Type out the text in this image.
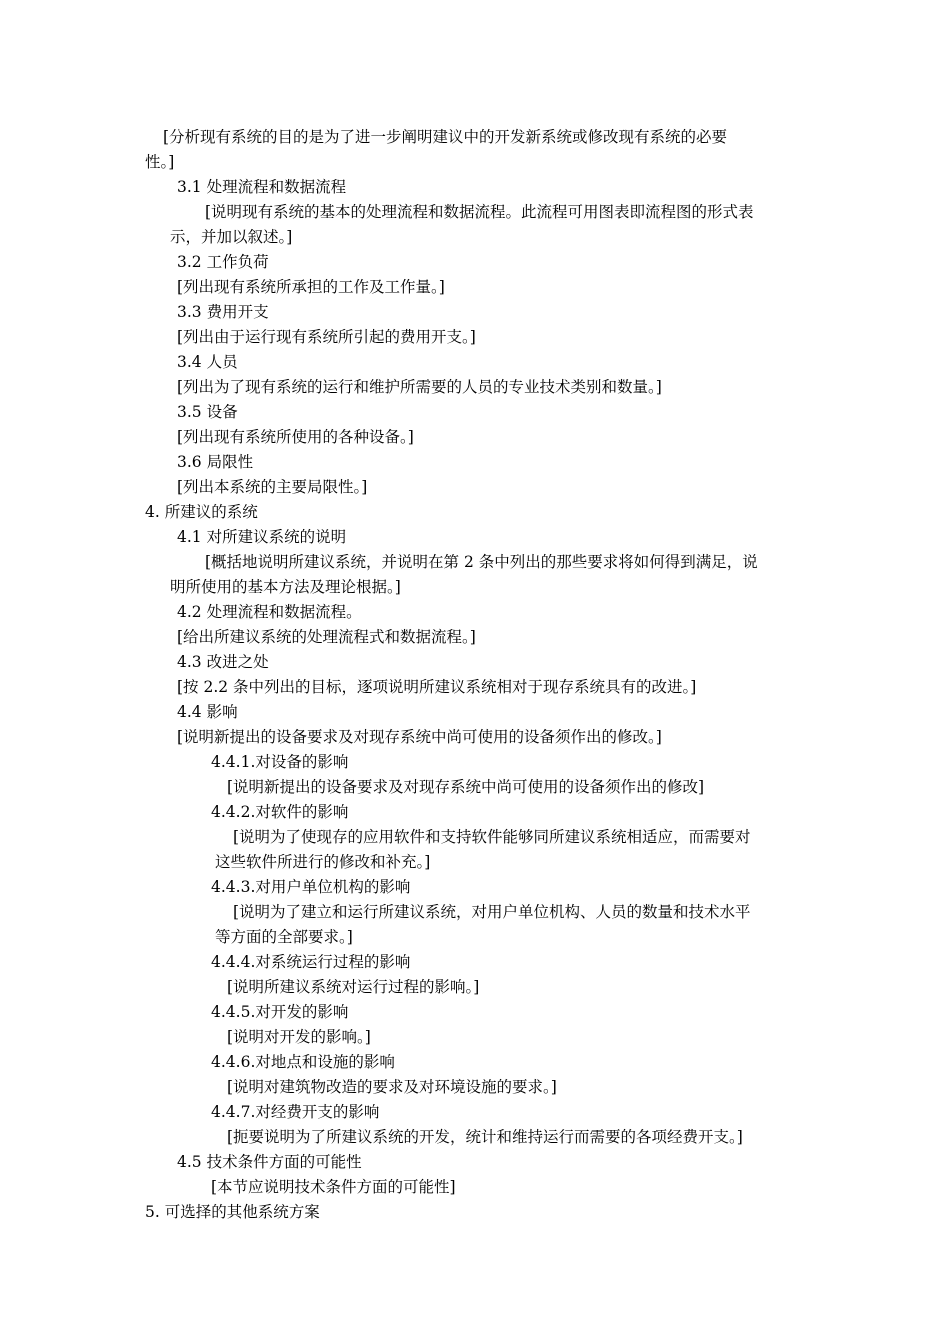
[分析现有系统的目的是为了进一步阐明建议中的开发新系统或修改现有系统的必要
性。]
3.1 处理流程和数据流程
[说明现有系统的基本的处理流程和数据流程。此流程可用图表即流程图的形式表
示，并加以叙述。]
3.2 工作负荷
[列出现有系统所承担的工作及工作量。]
3.3 费用开支
[列出由于运行现有系统所引起的费用开支。]
3.4 人员
[列出为了现有系统的运行和维护所需要的人员的专业技术类别和数量。]
3.5 设备
[列出现有系统所使用的各种设备。]
3.6 局限性
[列出本系统的主要局限性。]
4. 所建议的系统
4.1 对所建议系统的说明
[概括地说明所建议系统，并说明在第 2 条中列出的那些要求将如何得到满足，说
明所使用的基本方法及理论根据。]
4.2 处理流程和数据流程。
[给出所建议系统的处理流程式和数据流程。]
4.3 改进之处
[按 2.2 条中列出的目标，逐项说明所建议系统相对于现存系统具有的改进。]
4.4 影响
[说明新提出的设备要求及对现存系统中尚可使用的设备须作出的修改。]
4.4.1.对设备的影响
[说明新提出的设备要求及对现存系统中尚可使用的设备须作出的修改]
4.4.2.对软件的影响
[说明为了使现存的应用软件和支持软件能够同所建议系统相适应，而需要对
这些软件所进行的修改和补充。]
4.4.3.对用户单位机构的影响
[说明为了建立和运行所建议系统，对用户单位机构、人员的数量和技术水平
等方面的全部要求。]
4.4.4.对系统运行过程的影响
[说明所建议系统对运行过程的影响。]
4.4.5.对开发的影响
[说明对开发的影响。]
4.4.6.对地点和设施的影响
[说明对建筑物改造的要求及对环境设施的要求。]
4.4.7.对经费开支的影响
[扼要说明为了所建议系统的开发，统计和维持运行而需要的各项经费开支。]
4.5 技术条件方面的可能性
[本节应说明技术条件方面的可能性]
5. 可选择的其他系统方案
